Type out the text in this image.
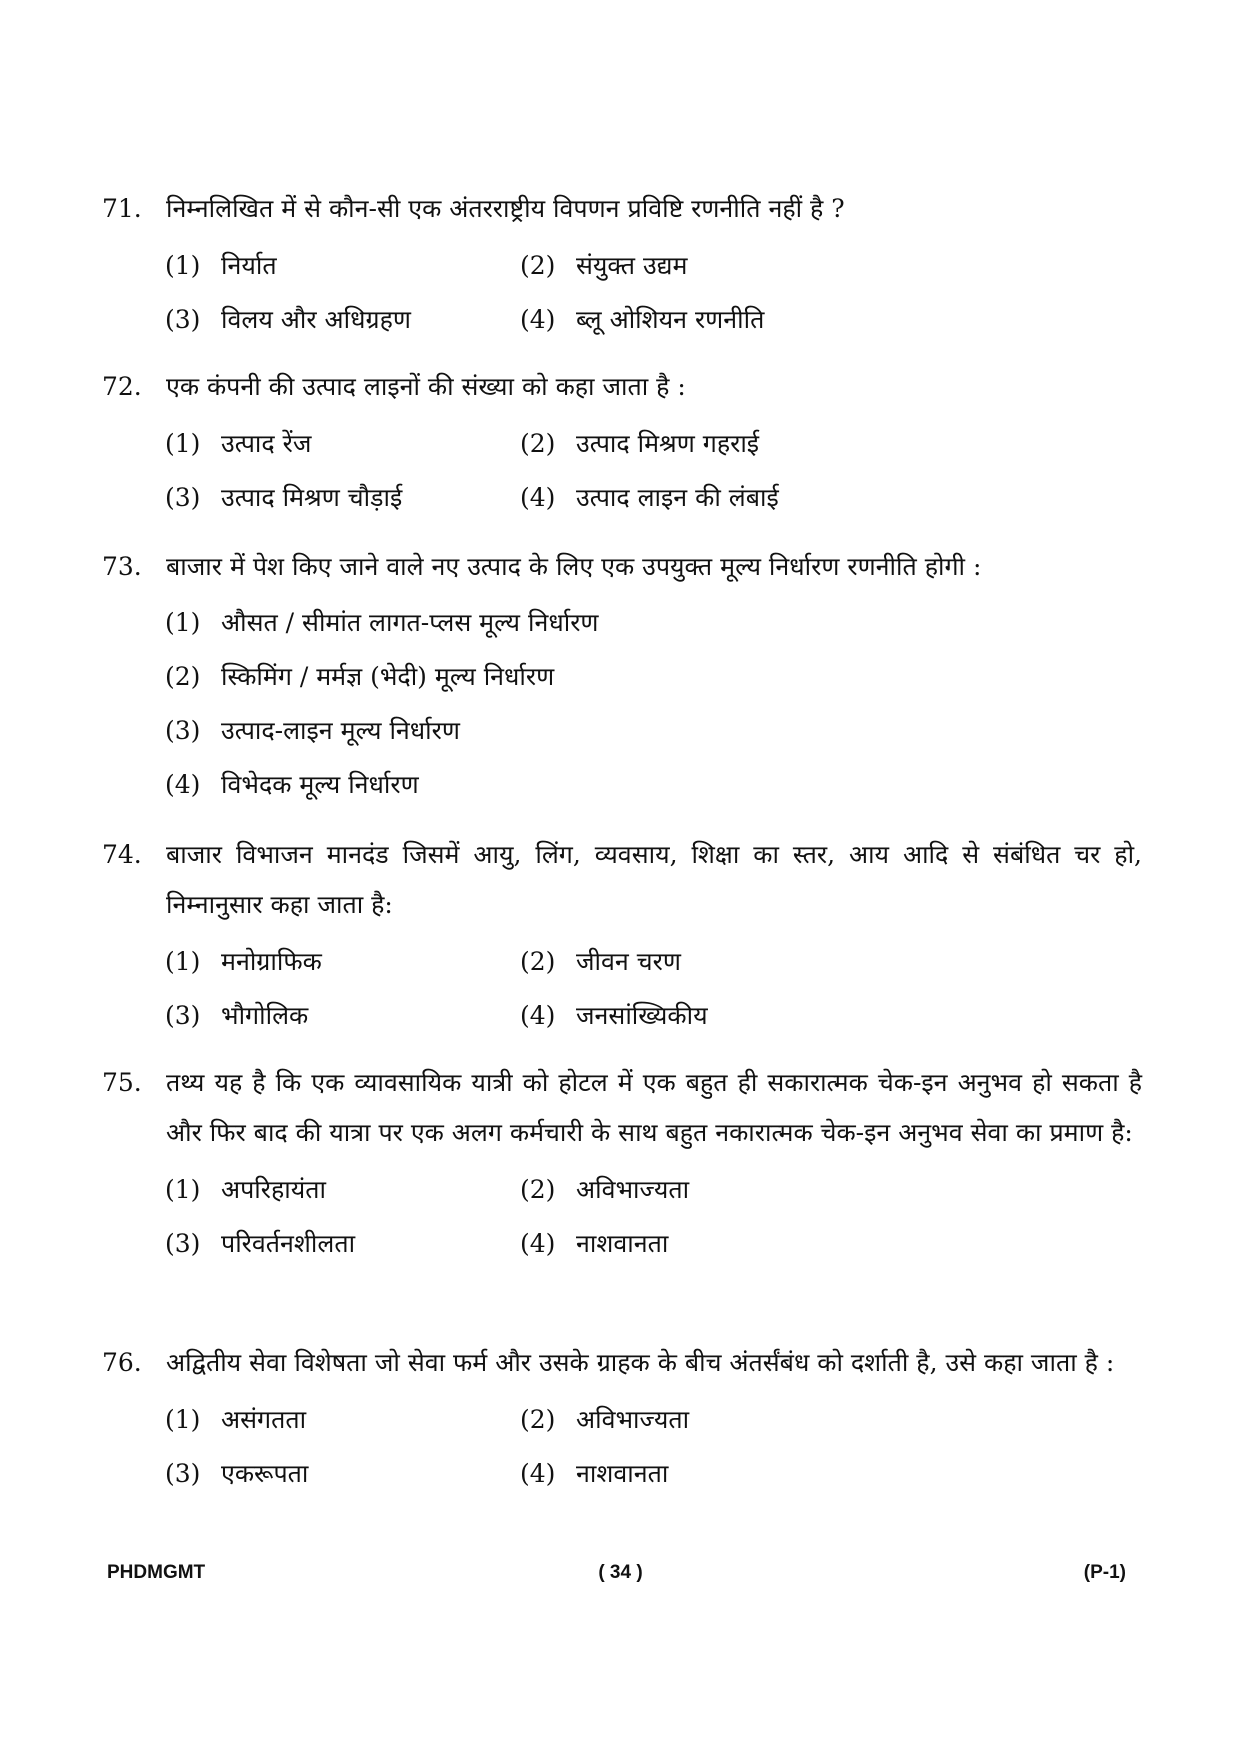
71. निम्नलिखित में से कौन-सी एक अंतरराष्ट्रीय विपणन प्रविष्टि रणनीति नहीं है ?
(1) निर्यात	(2) संयुक्त उद्यम
(3) विलय और अधिग्रहण	(4) ब्लू ओशियन रणनीति
72. एक कंपनी की उत्पाद लाइनों की संख्या को कहा जाता है :
(1) उत्पाद रेंज	(2) उत्पाद मिश्रण गहराई
(3) उत्पाद मिश्रण चौड़ाई	(4) उत्पाद लाइन की लंबाई
73. बाजार में पेश किए जाने वाले नए उत्पाद के लिए एक उपयुक्त मूल्य निर्धारण रणनीति होगी :
(1) औसत / सीमांत लागत-प्लस मूल्य निर्धारण
(2) स्किमिंग / मर्मज्ञ (भेदी) मूल्य निर्धारण
(3) उत्पाद-लाइन मूल्य निर्धारण
(4) विभेदक मूल्य निर्धारण
74. बाजार विभाजन मानदंड जिसमें आयु, लिंग, व्यवसाय, शिक्षा का स्तर, आय आदि से संबंधित चर हो, निम्नानुसार कहा जाता है:
(1) मनोग्राफिक	(2) जीवन चरण
(3) भौगोलिक	(4) जनसांख्यिकीय
75. तथ्य यह है कि एक व्यावसायिक यात्री को होटल में एक बहुत ही सकारात्मक चेक-इन अनुभव हो सकता है और फिर बाद की यात्रा पर एक अलग कर्मचारी के साथ बहुत नकारात्मक चेक-इन अनुभव सेवा का प्रमाण है:
(1) अपरिहायंता	(2) अविभाज्यता
(3) परिवर्तनशीलता	(4) नाशवानता
76. अद्वितीय सेवा विशेषता जो सेवा फर्म और उसके ग्राहक के बीच अंतर्संबंध को दर्शाती है, उसे कहा जाता है :
(1) असंगतता	(2) अविभाज्यता
(3) एकरूपता	(4) नाशवानता
PHDMGMT	( 34 )	(P-1)
